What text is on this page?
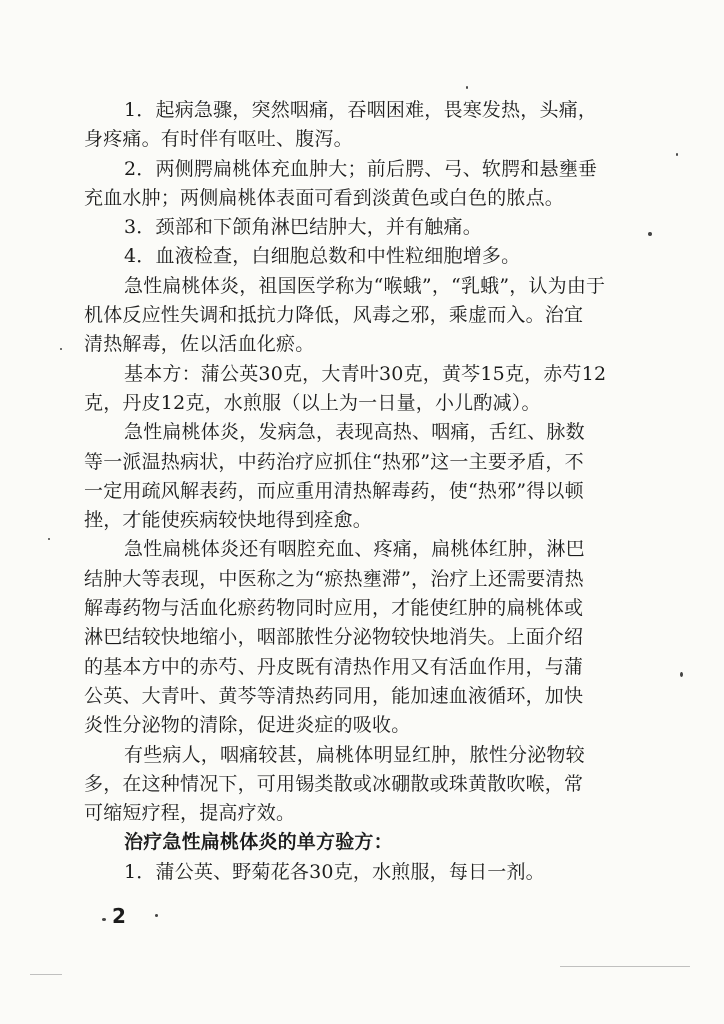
1．起病急骤，突然咽痛，吞咽困难，畏寒发热，头痛，
身疼痛。有时伴有呕吐、腹泻。
2．两侧腭扁桃体充血肿大；前后腭、弓、软腭和悬壅垂
充血水肿；两侧扁桃体表面可看到淡黄色或白色的脓点。
3．颈部和下颌角淋巴结肿大，并有触痛。
4．血液检查，白细胞总数和中性粒细胞增多。
急性扁桃体炎，祖国医学称为“喉蛾”，“乳蛾”，认为由于
机体反应性失调和抵抗力降低，风毒之邪，乘虚而入。治宜
清热解毒，佐以活血化瘀。
基本方：蒲公英30克，大青叶30克，黄芩15克，赤芍12
克，丹皮12克，水煎服（以上为一日量，小儿酌减）。
急性扁桃体炎，发病急，表现高热、咽痛，舌红、脉数
等一派温热病状，中药治疗应抓住“热邪”这一主要矛盾，不
一定用疏风解表药，而应重用清热解毒药，使“热邪”得以顿
挫，才能使疾病较快地得到痊愈。
急性扁桃体炎还有咽腔充血、疼痛，扁桃体红肿，淋巴
结肿大等表现，中医称之为“瘀热壅滞”，治疗上还需要清热
解毒药物与活血化瘀药物同时应用，才能使红肿的扁桃体或
淋巴结较快地缩小，咽部脓性分泌物较快地消失。上面介绍
的基本方中的赤芍、丹皮既有清热作用又有活血作用，与蒲
公英、大青叶、黄芩等清热药同用，能加速血液循环，加快
炎性分泌物的清除，促进炎症的吸收。
有些病人，咽痛较甚，扁桃体明显红肿，脓性分泌物较
多，在这种情况下，可用锡类散或冰硼散或珠黄散吹喉，常
可缩短疗程，提高疗效。
治疗急性扁桃体炎的单方验方：
1．蒲公英、野菊花各30克，水煎服，每日一剂。
2
